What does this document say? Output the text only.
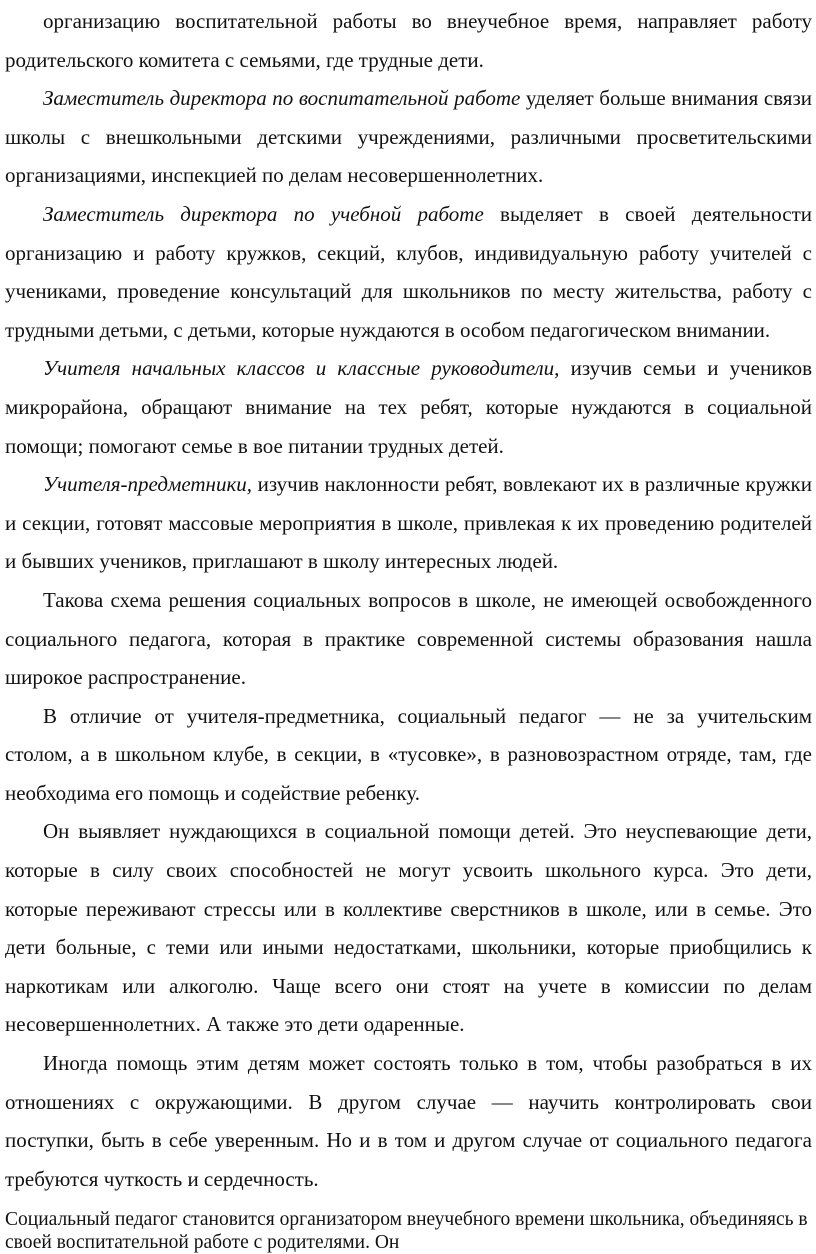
организацию воспитательной работы во внеучебное время, направляет работу родительского комитета с семьями, где трудные дети.

Заместитель директора по воспитательной работе уделяет больше внимания связи школы с внешкольными детскими учреждениями, различными просветительскими организациями, инспекцией по делам несовершеннолетних.

Заместитель директора по учебной работе выделяет в своей деятельности организацию и работу кружков, секций, клубов, индивидуальную работу учителей с учениками, проведение консультаций для школьников по месту жительства, работу с трудными детьми, с детьми, которые нуждаются в особом педагогическом внимании.

Учителя начальных классов и классные руководители, изучив семьи и учеников микрорайона, обращают внимание на тех ребят, которые нуждаются в социальной помощи; помогают семье в вое питании трудных детей.

Учителя-предметники, изучив наклонности ребят, вовлекают их в различные кружки и секции, готовят массовые мероприятия в школе, привлекая к их проведению родителей и бывших учеников, приглашают в школу интересных людей.

Такова схема решения социальных вопросов в школе, не имеющей освобожденного социального педагога, которая в практике современной системы образования нашла широкое распространение.

В отличие от учителя-предметника, социальный педагог — не за учительским столом, а в школьном клубе, в секции, в «тусовке», в разновозрастном отряде, там, где необходима его помощь и содействие ребенку.

Он выявляет нуждающихся в социальной помощи детей. Это неуспевающие дети, которые в силу своих способностей не могут усвоить школьного курса. Это дети, которые переживают стрессы или в коллективе сверстников в школе, или в семье. Это дети больные, с теми или иными недостатками, школьники, которые приобщились к наркотикам или алкоголю. Чаще всего они стоят на учете в комиссии по делам несовершеннолетних. А также это дети одаренные.

Иногда помощь этим детям может состоять только в том, чтобы разобраться в их отношениях с окружающими. В другом случае — научить контролировать свои поступки, быть в себе уверенным. Но и в том и другом случае от социального педагога требуются чуткость и сердечность.

Социальный педагог становится организатором внеучебного времени школьника, объединяясь в своей воспитательной работе с родителями. Он
